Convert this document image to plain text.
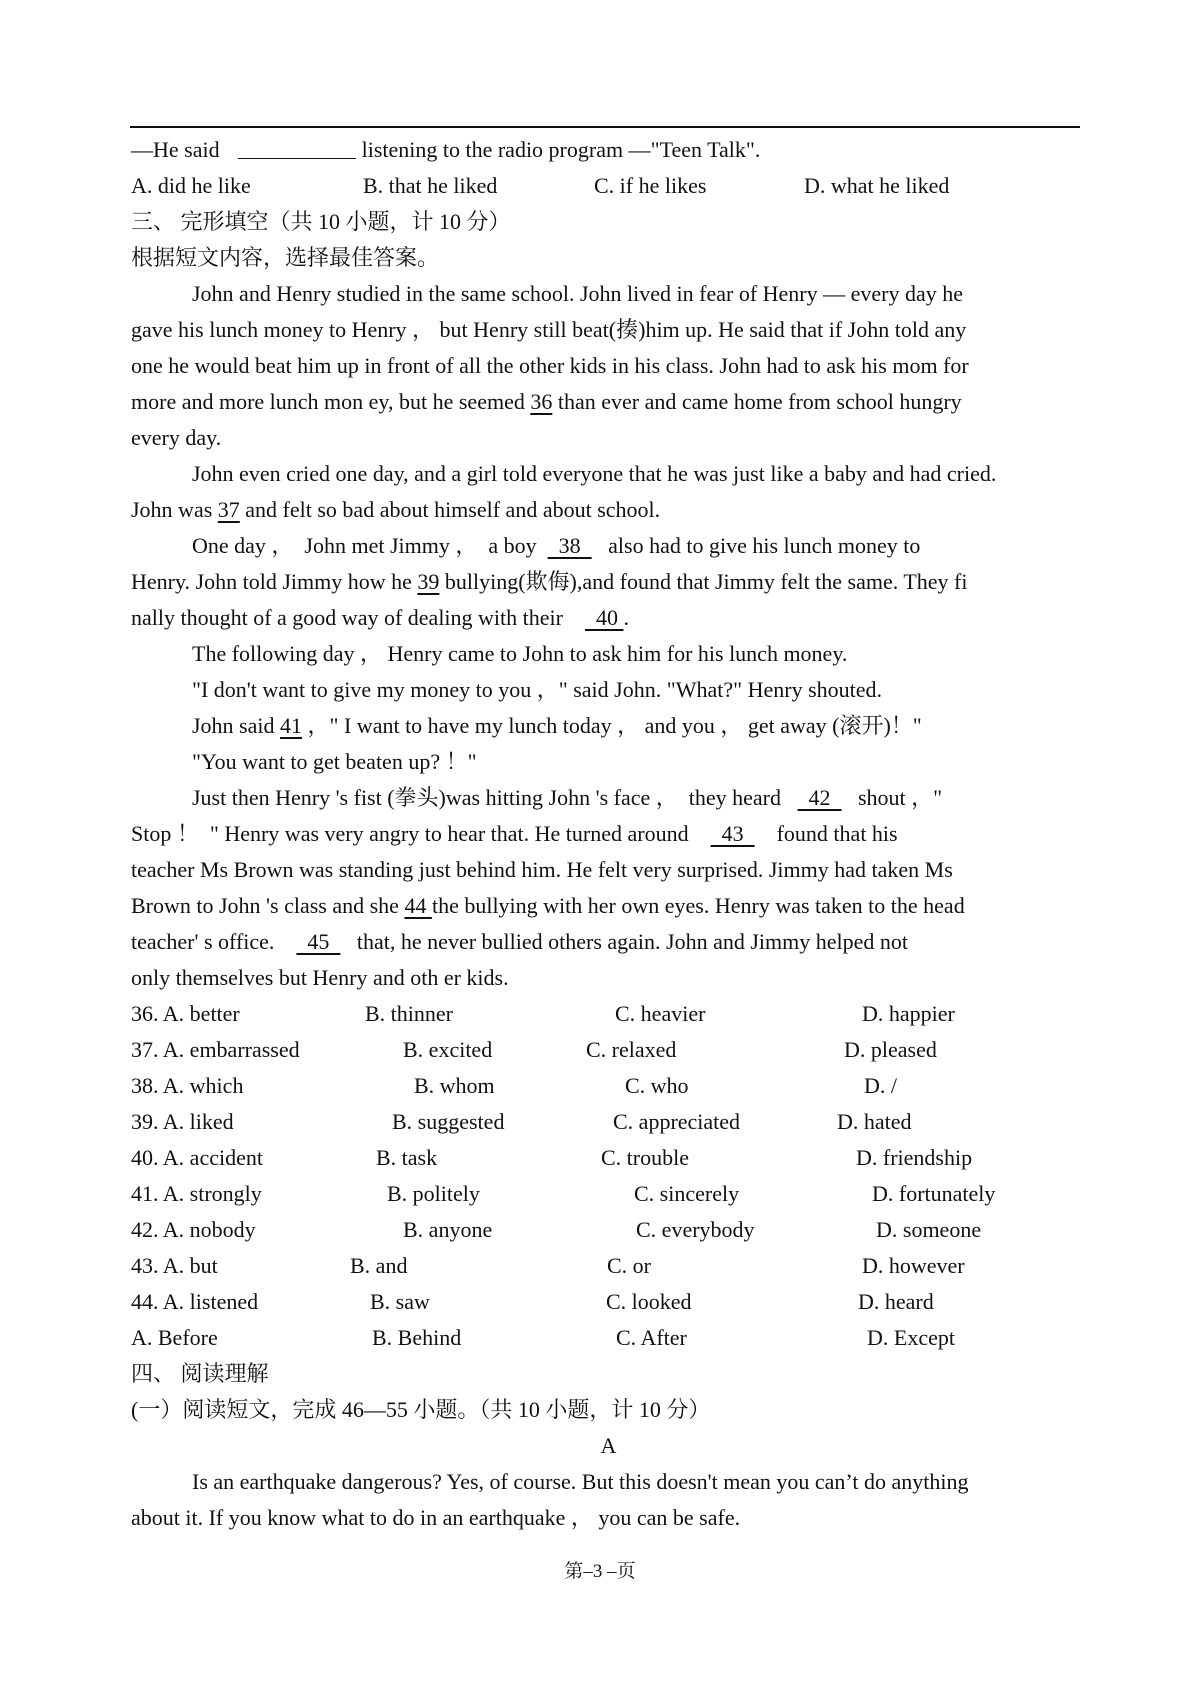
—He said	listening to the radio program —"Teen Talk".
A. did he like	B. that he liked	C. if he likes	D. what he liked
三、 完形填空（共 10 小题，计 10 分）
根据短文内容，选择最佳答案。
John and Henry studied in the same school. John lived in fear of Henry — every day he
gave his lunch money to Henry ， but Henry still beat(揍)him up. He said that if John told any
one he would beat him up in front of all the other kids in his class. John had to ask his mom for
more and more lunch mon ey, but he seemed 36 than ever and came home from school hungry
every day.
John even cried one day, and a girl told everyone that he was just like a baby and had cried.
John was 37 and felt so bad about himself and about school.
One day ，  John met Jimmy ，  a boy    38     also had to give his lunch money to
Henry. John told Jimmy how he 39 bullying(欺侮),and found that Jimmy felt the same. They fi
nally thought of a good way of dealing with their      40 .
The following day ， Henry came to John to ask him for his lunch money.
"I don't want to give my money to you ，" said John. "What?" Henry shouted.
John said 41 ，" I want to have my lunch today ， and you ， get away (滚开)！"
"You want to get beaten up? ！"
Just then Henry 's fist (拳头)was hitting John 's face ，  they heard     42     shout ，"
Stop ！  " Henry was very angry to hear that. He turned around      43      found that his
teacher Ms Brown was standing just behind him. He felt very surprised. Jimmy had taken Ms
Brown to John 's class and she 44 the bullying with her own eyes. Henry was taken to the head
teacher' s office.      45     that, he never bullied others again. John and Jimmy helped not
only themselves but Henry and oth er kids.
36. A. better	B. thinner	C. heavier	D. happier
37. A. embarrassed	B. excited	C. relaxed	D. pleased
38. A. which	B. whom	C. who	D. /
39. A. liked	B. suggested	C. appreciated	D. hated
40. A. accident	B. task	C. trouble	D. friendship
41. A. strongly	B. politely	C. sincerely	D. fortunately
42. A. nobody	B. anyone	C. everybody	D. someone
43. A. but	B. and	C. or	D. however
44. A. listened	B. saw	C. looked	D. heard
A. Before	B. Behind	C. After	D. Except
四、 阅读理解
(一）阅读短文，完成 46—55 小题。（共 10 小题，计 10 分）
A
Is an earthquake dangerous? Yes, of course. But this doesn't mean you can’t do anything
about it. If you know what to do in an earthquake ， you can be safe.
第–3 –页
